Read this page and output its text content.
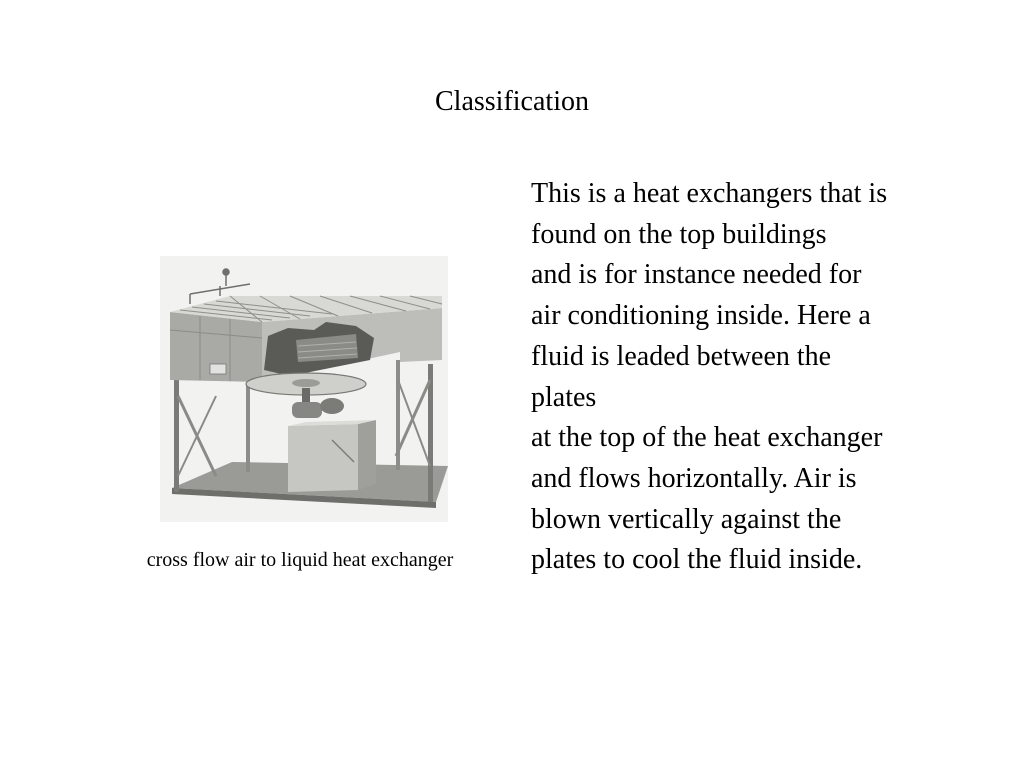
Classification
cross flow air to liquid heat exchanger
This is a heat exchangers that is
found on the top buildings
and is for instance needed for
air conditioning inside. Here a
fluid is leaded between the
plates
at the top of the heat exchanger
and flows horizontally. Air is
blown vertically against the
plates to cool the fluid inside.
